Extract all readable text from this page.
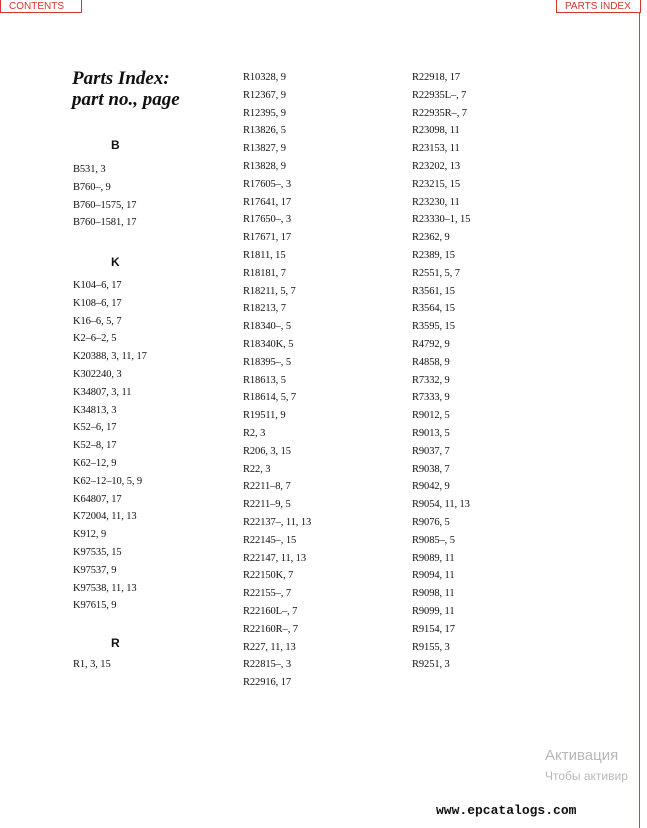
CONTENTS	PARTS INDEX
Parts Index:
part no., page
B
B531, 3
B760–, 9
B760–1575, 17
B760–1581, 17
K
K104–6, 17
K108–6, 17
K16–6, 5, 7
K2–6–2, 5
K20388, 3, 11, 17
K302240, 3
K34807, 3, 11
K34813, 3
K52–6, 17
K52–8, 17
K62–12, 9
K62–12–10, 5, 9
K64807, 17
K72004, 11, 13
K912, 9
K97535, 15
K97537, 9
K97538, 11, 13
K97615, 9
R
R1, 3, 15
R10328, 9
R12367, 9
R12395, 9
R13826, 5
R13827, 9
R13828, 9
R17605–, 3
R17641, 17
R17650–, 3
R17671, 17
R1811, 15
R18181, 7
R18211, 5, 7
R18213, 7
R18340–, 5
R18340K, 5
R18395–, 5
R18613, 5
R18614, 5, 7
R19511, 9
R2, 3
R206, 3, 15
R22, 3
R2211–8, 7
R2211–9, 5
R22137–, 11, 13
R22145–, 15
R22147, 11, 13
R22150K, 7
R22155–, 7
R22160L–, 7
R22160R–, 7
R227, 11, 13
R22815–, 3
R22916, 17
R22918, 17
R22935L–, 7
R22935R–, 7
R23098, 11
R23153, 11
R23202, 13
R23215, 15
R23230, 11
R23330–1, 15
R2362, 9
R2389, 15
R2551, 5, 7
R3561, 15
R3564, 15
R3595, 15
R4792, 9
R4858, 9
R7332, 9
R7333, 9
R9012, 5
R9013, 5
R9037, 7
R9038, 7
R9042, 9
R9054, 11, 13
R9076, 5
R9085–, 5
R9089, 11
R9094, 11
R9098, 11
R9099, 11
R9154, 17
R9155, 3
R9251, 3
Активация
Чтобы активир
www.epcatalogs.com
